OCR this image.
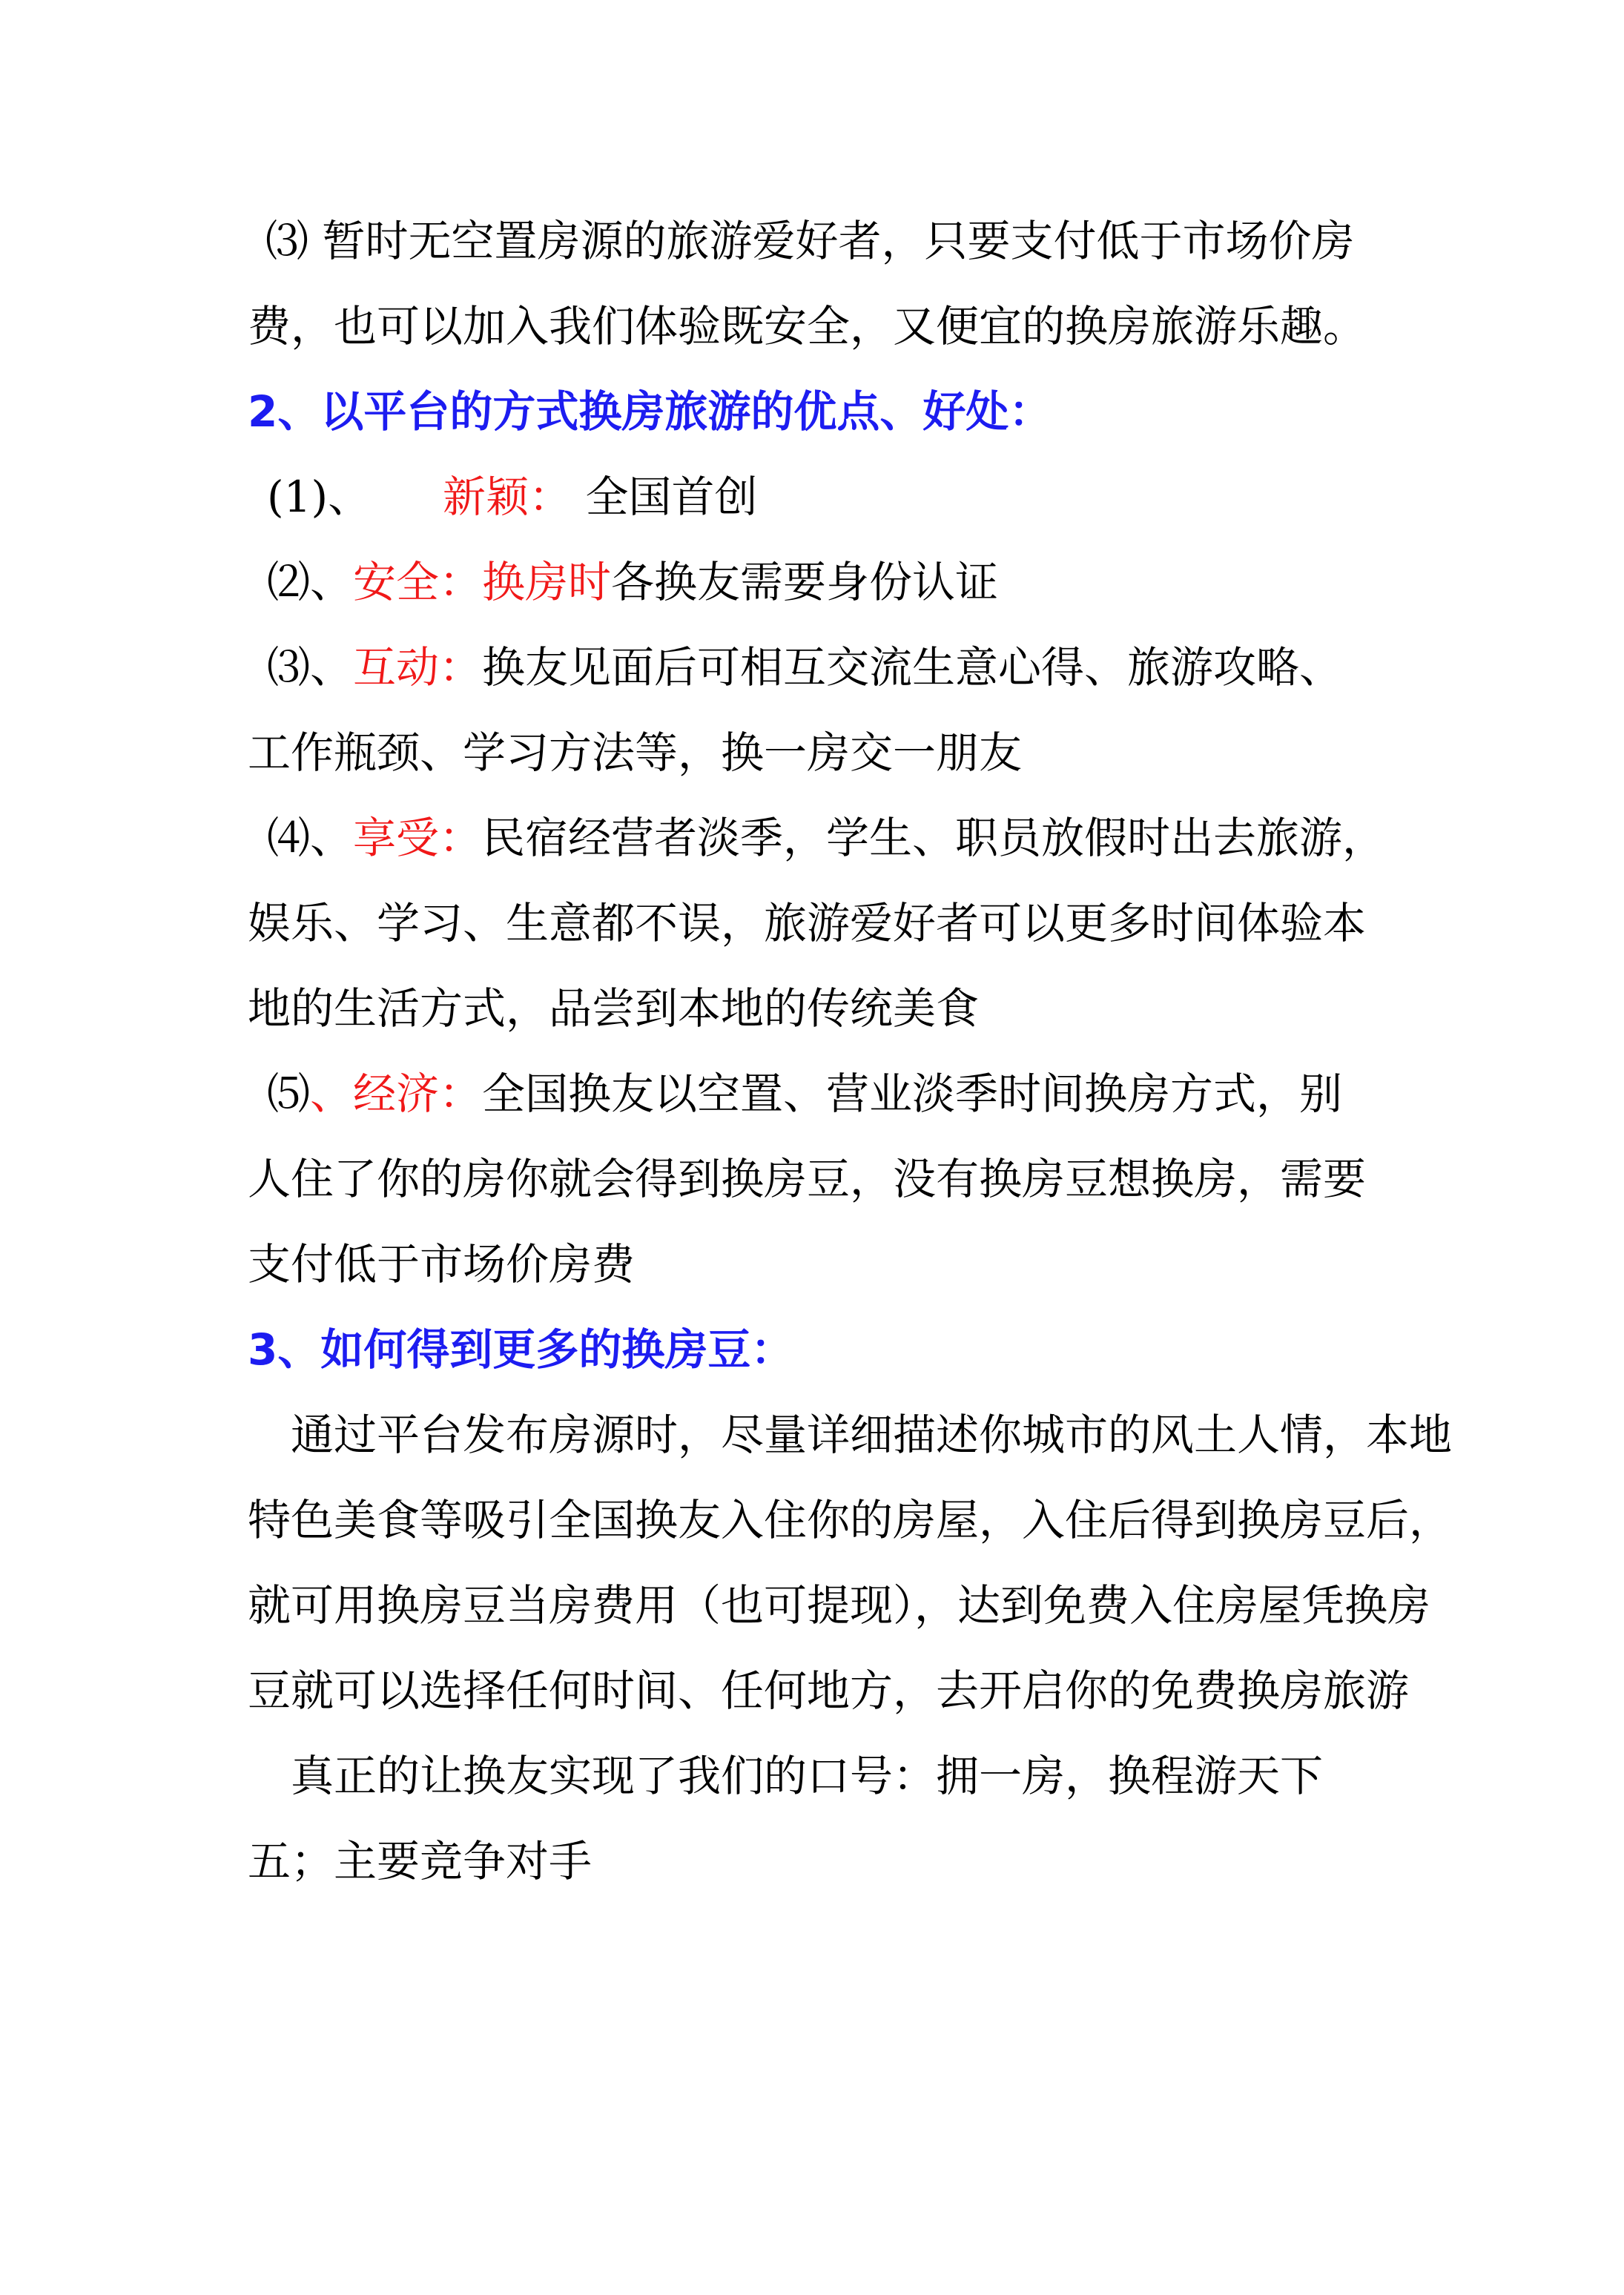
⑶ 暂时无空置房源的旅游爱好者，只要支付低于市场价房
费，也可以加入我们体验既安全，又便宜的换房旅游乐趣。
2、以平台的方式换房旅游的优点、好处：
(1)、 新颖： 全国首创
⑵、安全：换房时各换友需要身份认证
⑶、互动：换友见面后可相互交流生意心得、旅游攻略、
工作瓶颈、学习方法等，换一房交一朋友
⑷、享受：民宿经营者淡季，学生、职员放假时出去旅游，
娱乐、学习、生意都不误，旅游爱好者可以更多时间体验本
地的生活方式，品尝到本地的传统美食
⑸、经济：全国换友以空置、营业淡季时间换房方式，别
人住了你的房你就会得到换房豆，没有换房豆想换房，需要
支付低于市场价房费
3、如何得到更多的换房豆：
通过平台发布房源时，尽量详细描述你城市的风土人情，本地
特色美食等吸引全国换友入住你的房屋，入住后得到换房豆后，
就可用换房豆当房费用（也可提现），达到免费入住房屋凭换房
豆就可以选择任何时间、任何地方，去开启你的免费换房旅游
真正的让换友实现了我们的口号：拥一房，换程游天下
五；主要竞争对手
